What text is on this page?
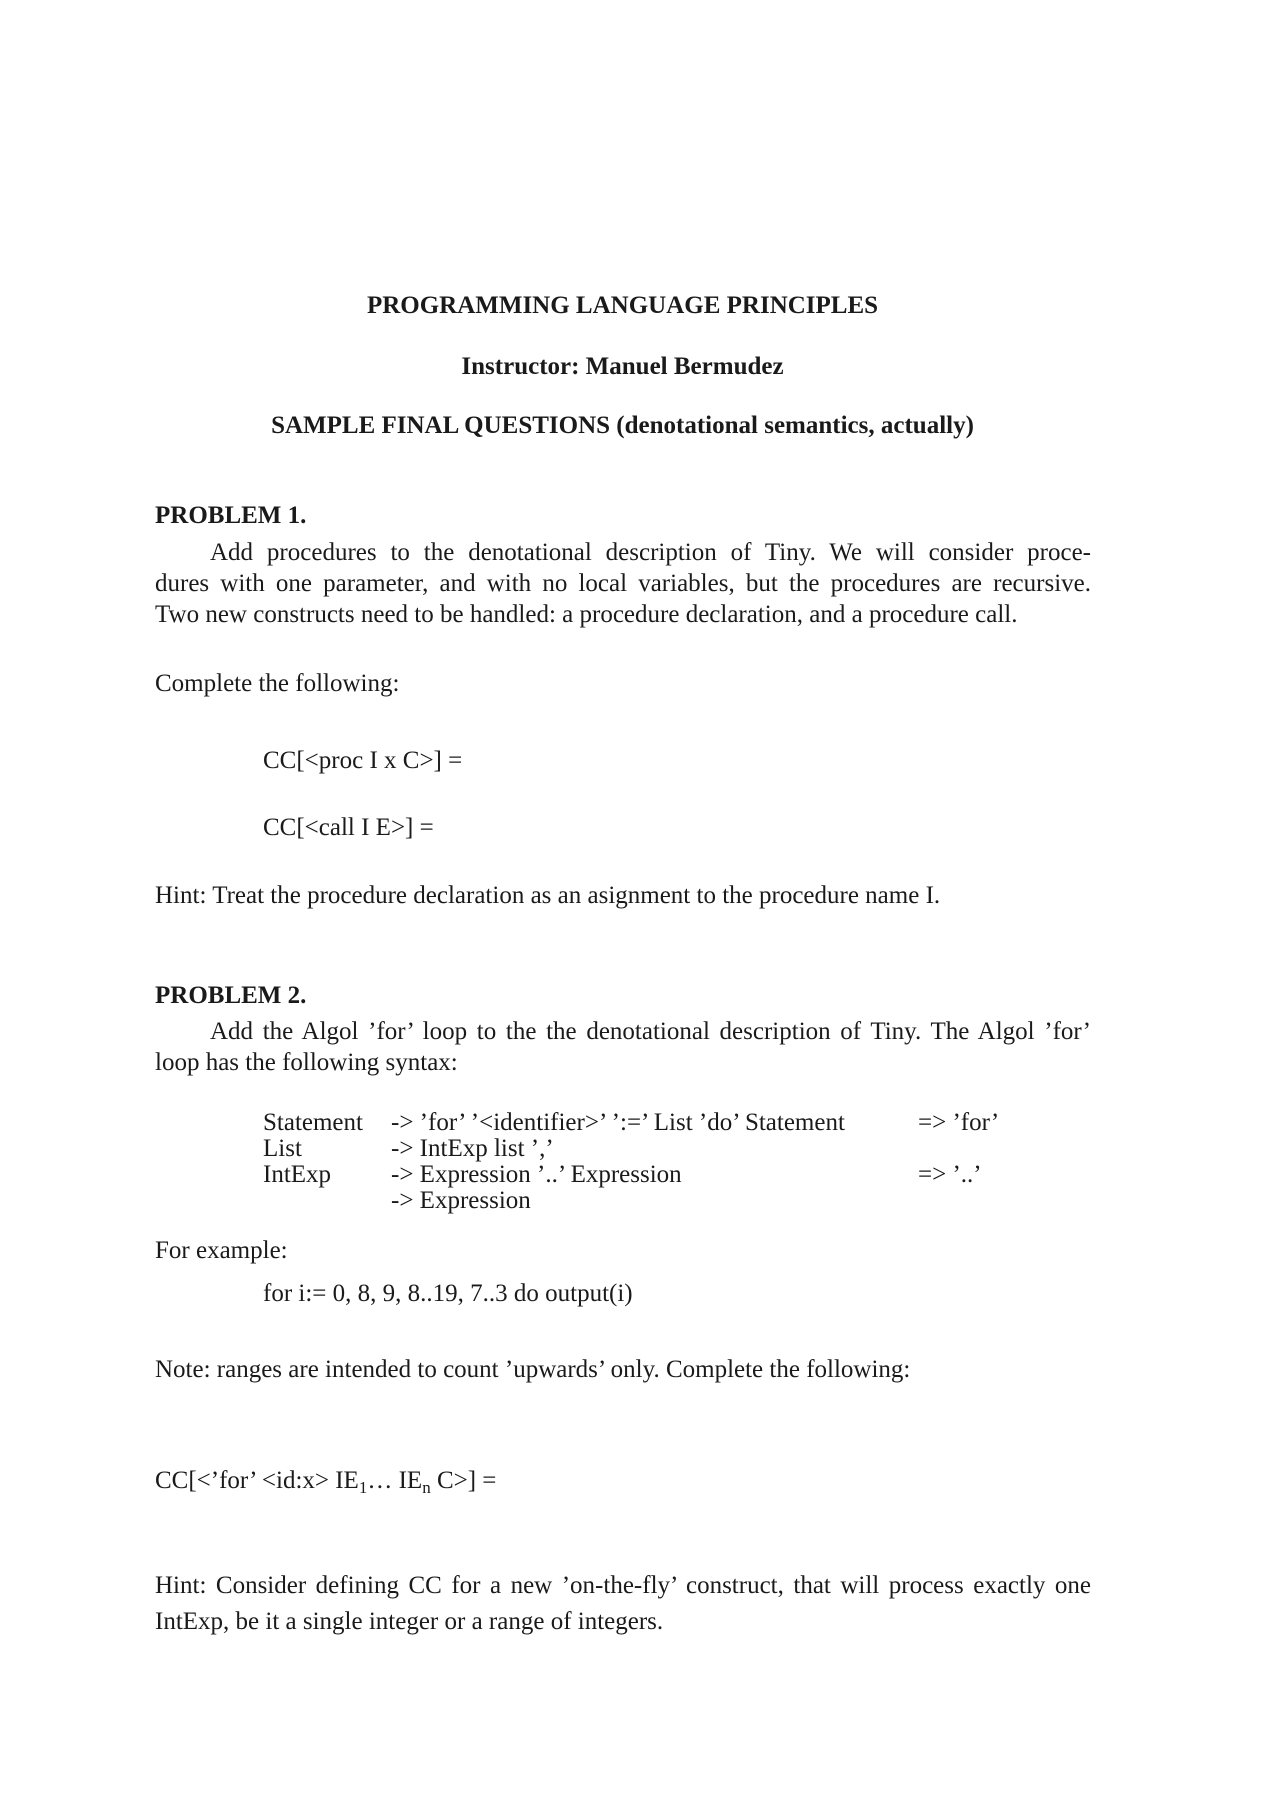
PROGRAMMING LANGUAGE PRINCIPLES
Instructor: Manuel Bermudez
SAMPLE FINAL QUESTIONS (denotational semantics, actually)
PROBLEM 1.
Add procedures to the denotational description of Tiny. We will consider proce-
dures with one parameter, and with no local variables, but the procedures are recursive.
Two new constructs need to be handled: a procedure declaration, and a procedure call.
Complete the following:
CC[<proc I x C>] =
CC[<call I E>] =
Hint: Treat the procedure declaration as an asignment to the procedure name I.
PROBLEM 2.
Add the Algol ’for’ loop to the the denotational description of Tiny. The Algol ’for’
loop has the following syntax:
Statement -> ’for’ ’<identifier>’ ’:=’ List ’do’ Statement	=> ’for’
List	-> IntExp list ’,’
IntExp -> Expression ’..’ Expression	=> ’..’
-> Expression
For example:
for i:= 0, 8, 9, 8..19, 7..3 do output(i)
Note: ranges are intended to count ’upwards’ only. Complete the following:
CC[<’for’ <id:x> $IE_1\dots$ $IE_n$ C>] =
Hint: Consider defining CC for a new ’on-the-fly’ construct, that will process exactly one
IntExp, be it a single integer or a range of integers.
